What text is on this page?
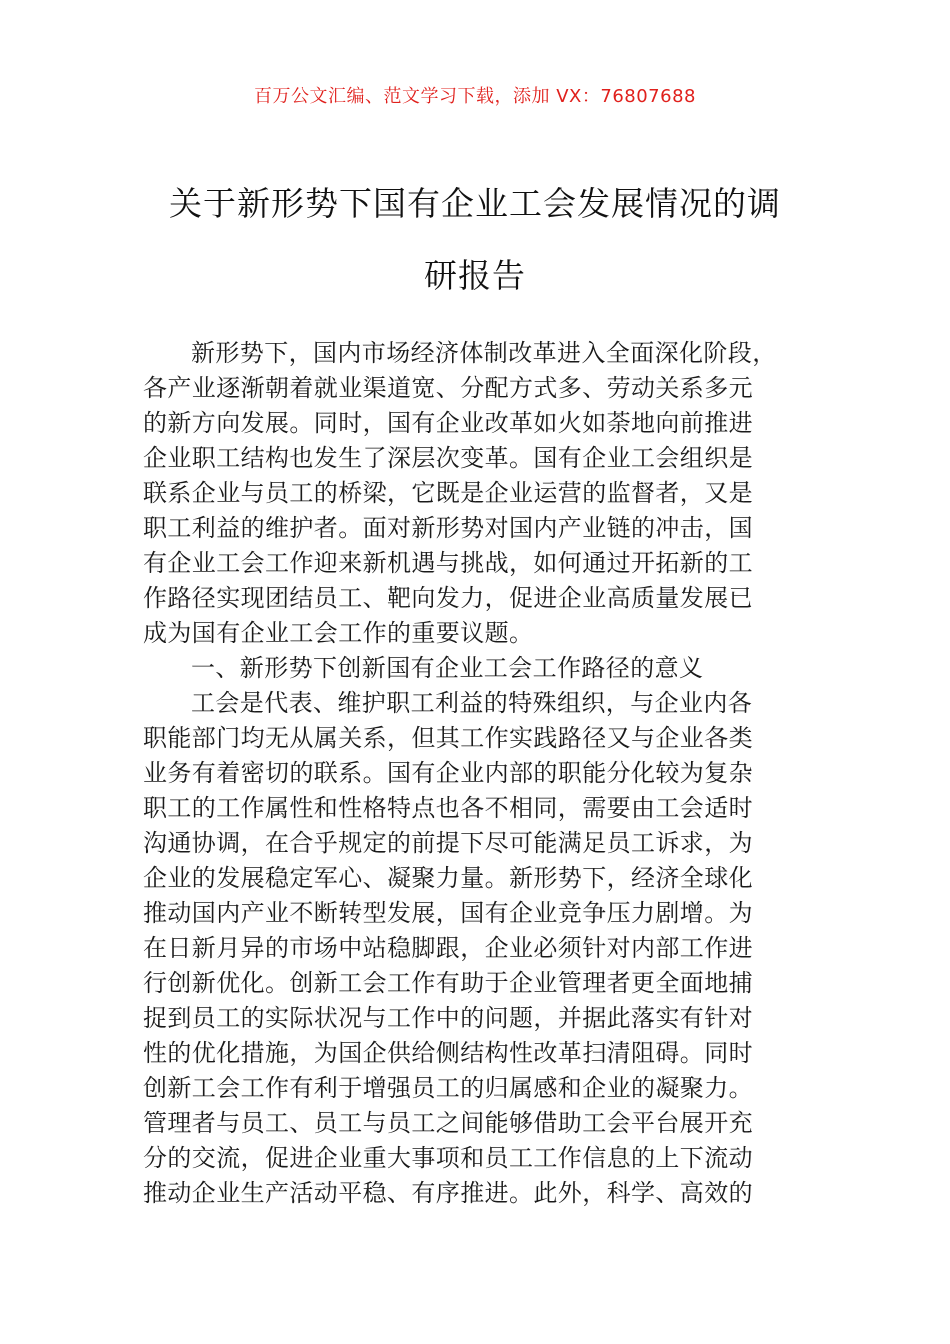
百万公文汇编、范文学习下载，添加 VX：76807688
关于新形势下国有企业工会发展情况的调
研报告
新形势下，国内市场经济体制改革进入全面深化阶段，
各产业逐渐朝着就业渠道宽、分配方式多、劳动关系多元
的新方向发展。同时，国有企业改革如火如荼地向前推进
企业职工结构也发生了深层次变革。国有企业工会组织是
联系企业与员工的桥梁，它既是企业运营的监督者，又是
职工利益的维护者。面对新形势对国内产业链的冲击，国
有企业工会工作迎来新机遇与挑战，如何通过开拓新的工
作路径实现团结员工、靶向发力，促进企业高质量发展已
成为国有企业工会工作的重要议题。
一、新形势下创新国有企业工会工作路径的意义
工会是代表、维护职工利益的特殊组织，与企业内各
职能部门均无从属关系，但其工作实践路径又与企业各类
业务有着密切的联系。国有企业内部的职能分化较为复杂
职工的工作属性和性格特点也各不相同，需要由工会适时
沟通协调，在合乎规定的前提下尽可能满足员工诉求，为
企业的发展稳定军心、凝聚力量。新形势下，经济全球化
推动国内产业不断转型发展，国有企业竞争压力剧增。为
在日新月异的市场中站稳脚跟，企业必须针对内部工作进
行创新优化。创新工会工作有助于企业管理者更全面地捕
捉到员工的实际状况与工作中的问题，并据此落实有针对
性的优化措施，为国企供给侧结构性改革扫清阻碍。同时
创新工会工作有利于增强员工的归属感和企业的凝聚力。
管理者与员工、员工与员工之间能够借助工会平台展开充
分的交流，促进企业重大事项和员工工作信息的上下流动
推动企业生产活动平稳、有序推进。此外，科学、高效的
